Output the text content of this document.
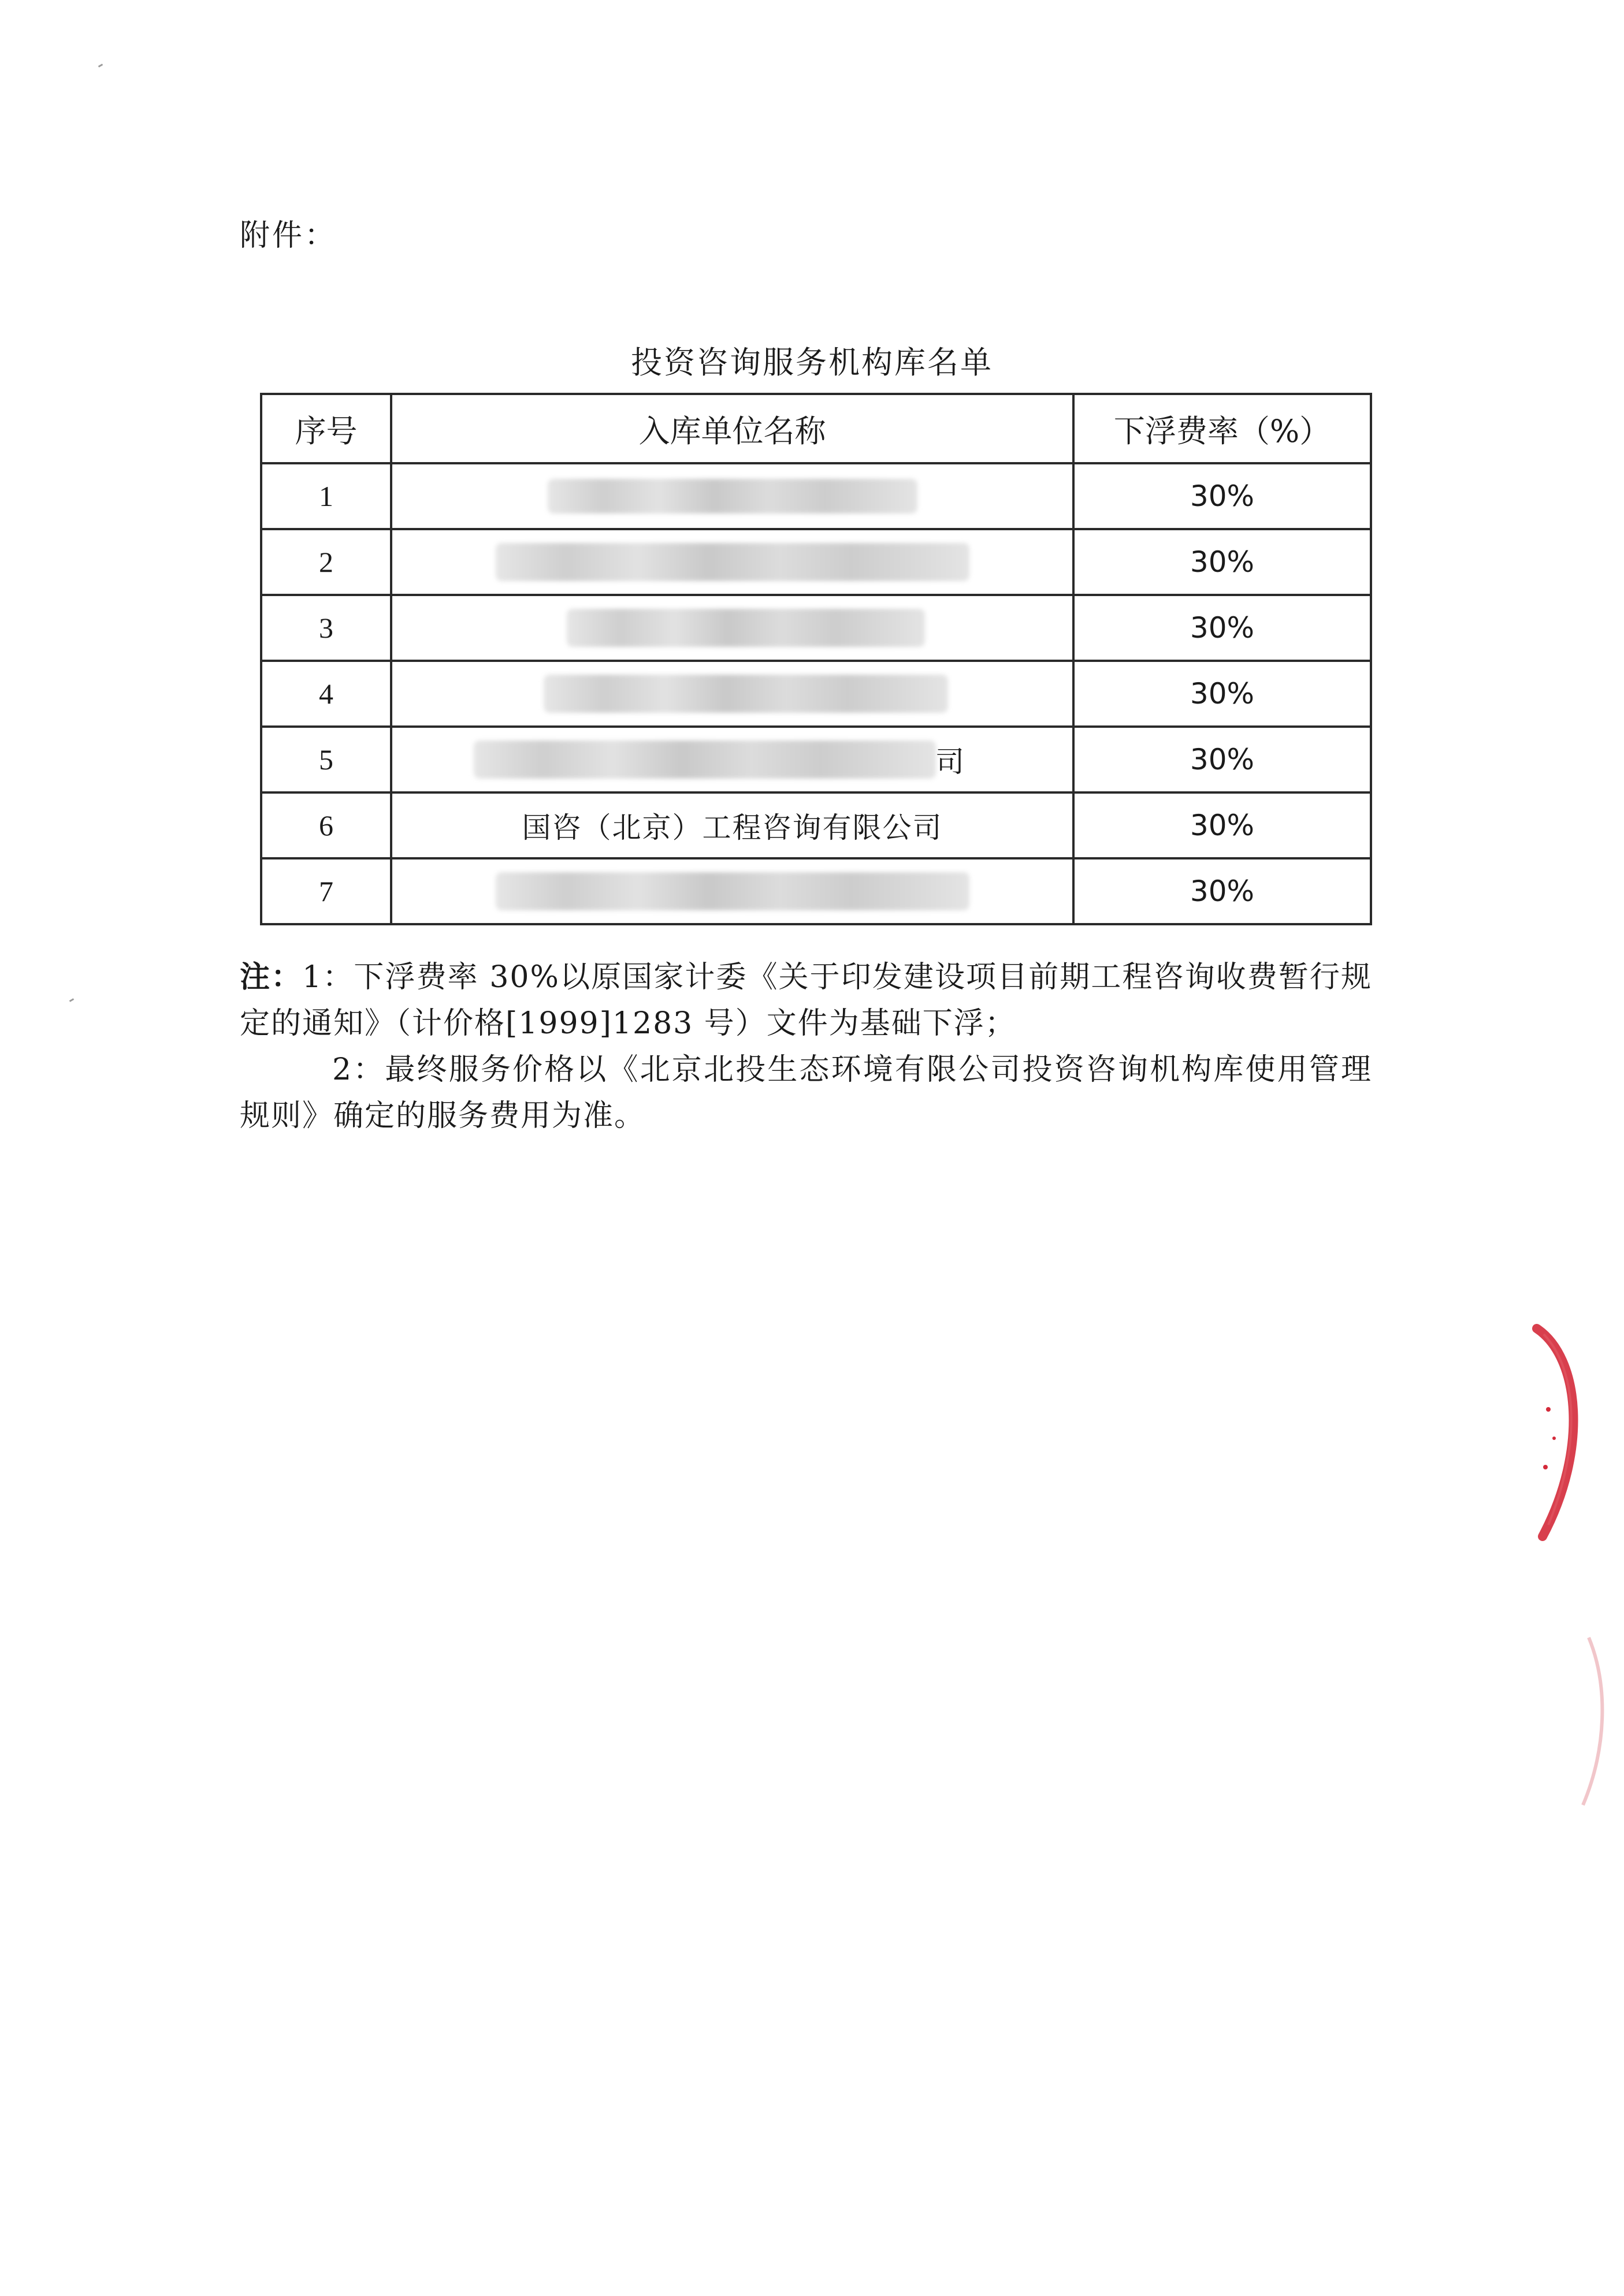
附件：
投资咨询服务机构库名单
序号	入库单位名称	下浮费率（%）
1		30%
2		30%
3		30%
4		30%
5	司	30%
6	国咨（北京）工程咨询有限公司	30%
7		30%
注：1：下浮费率 30%以原国家计委《关于印发建设项目前期工程咨询收费暂行规定的通知》（计价格[1999]1283 号）文件为基础下浮；
2：最终服务价格以《北京北投生态环境有限公司投资咨询机构库使用管理规则》确定的服务费用为准。
